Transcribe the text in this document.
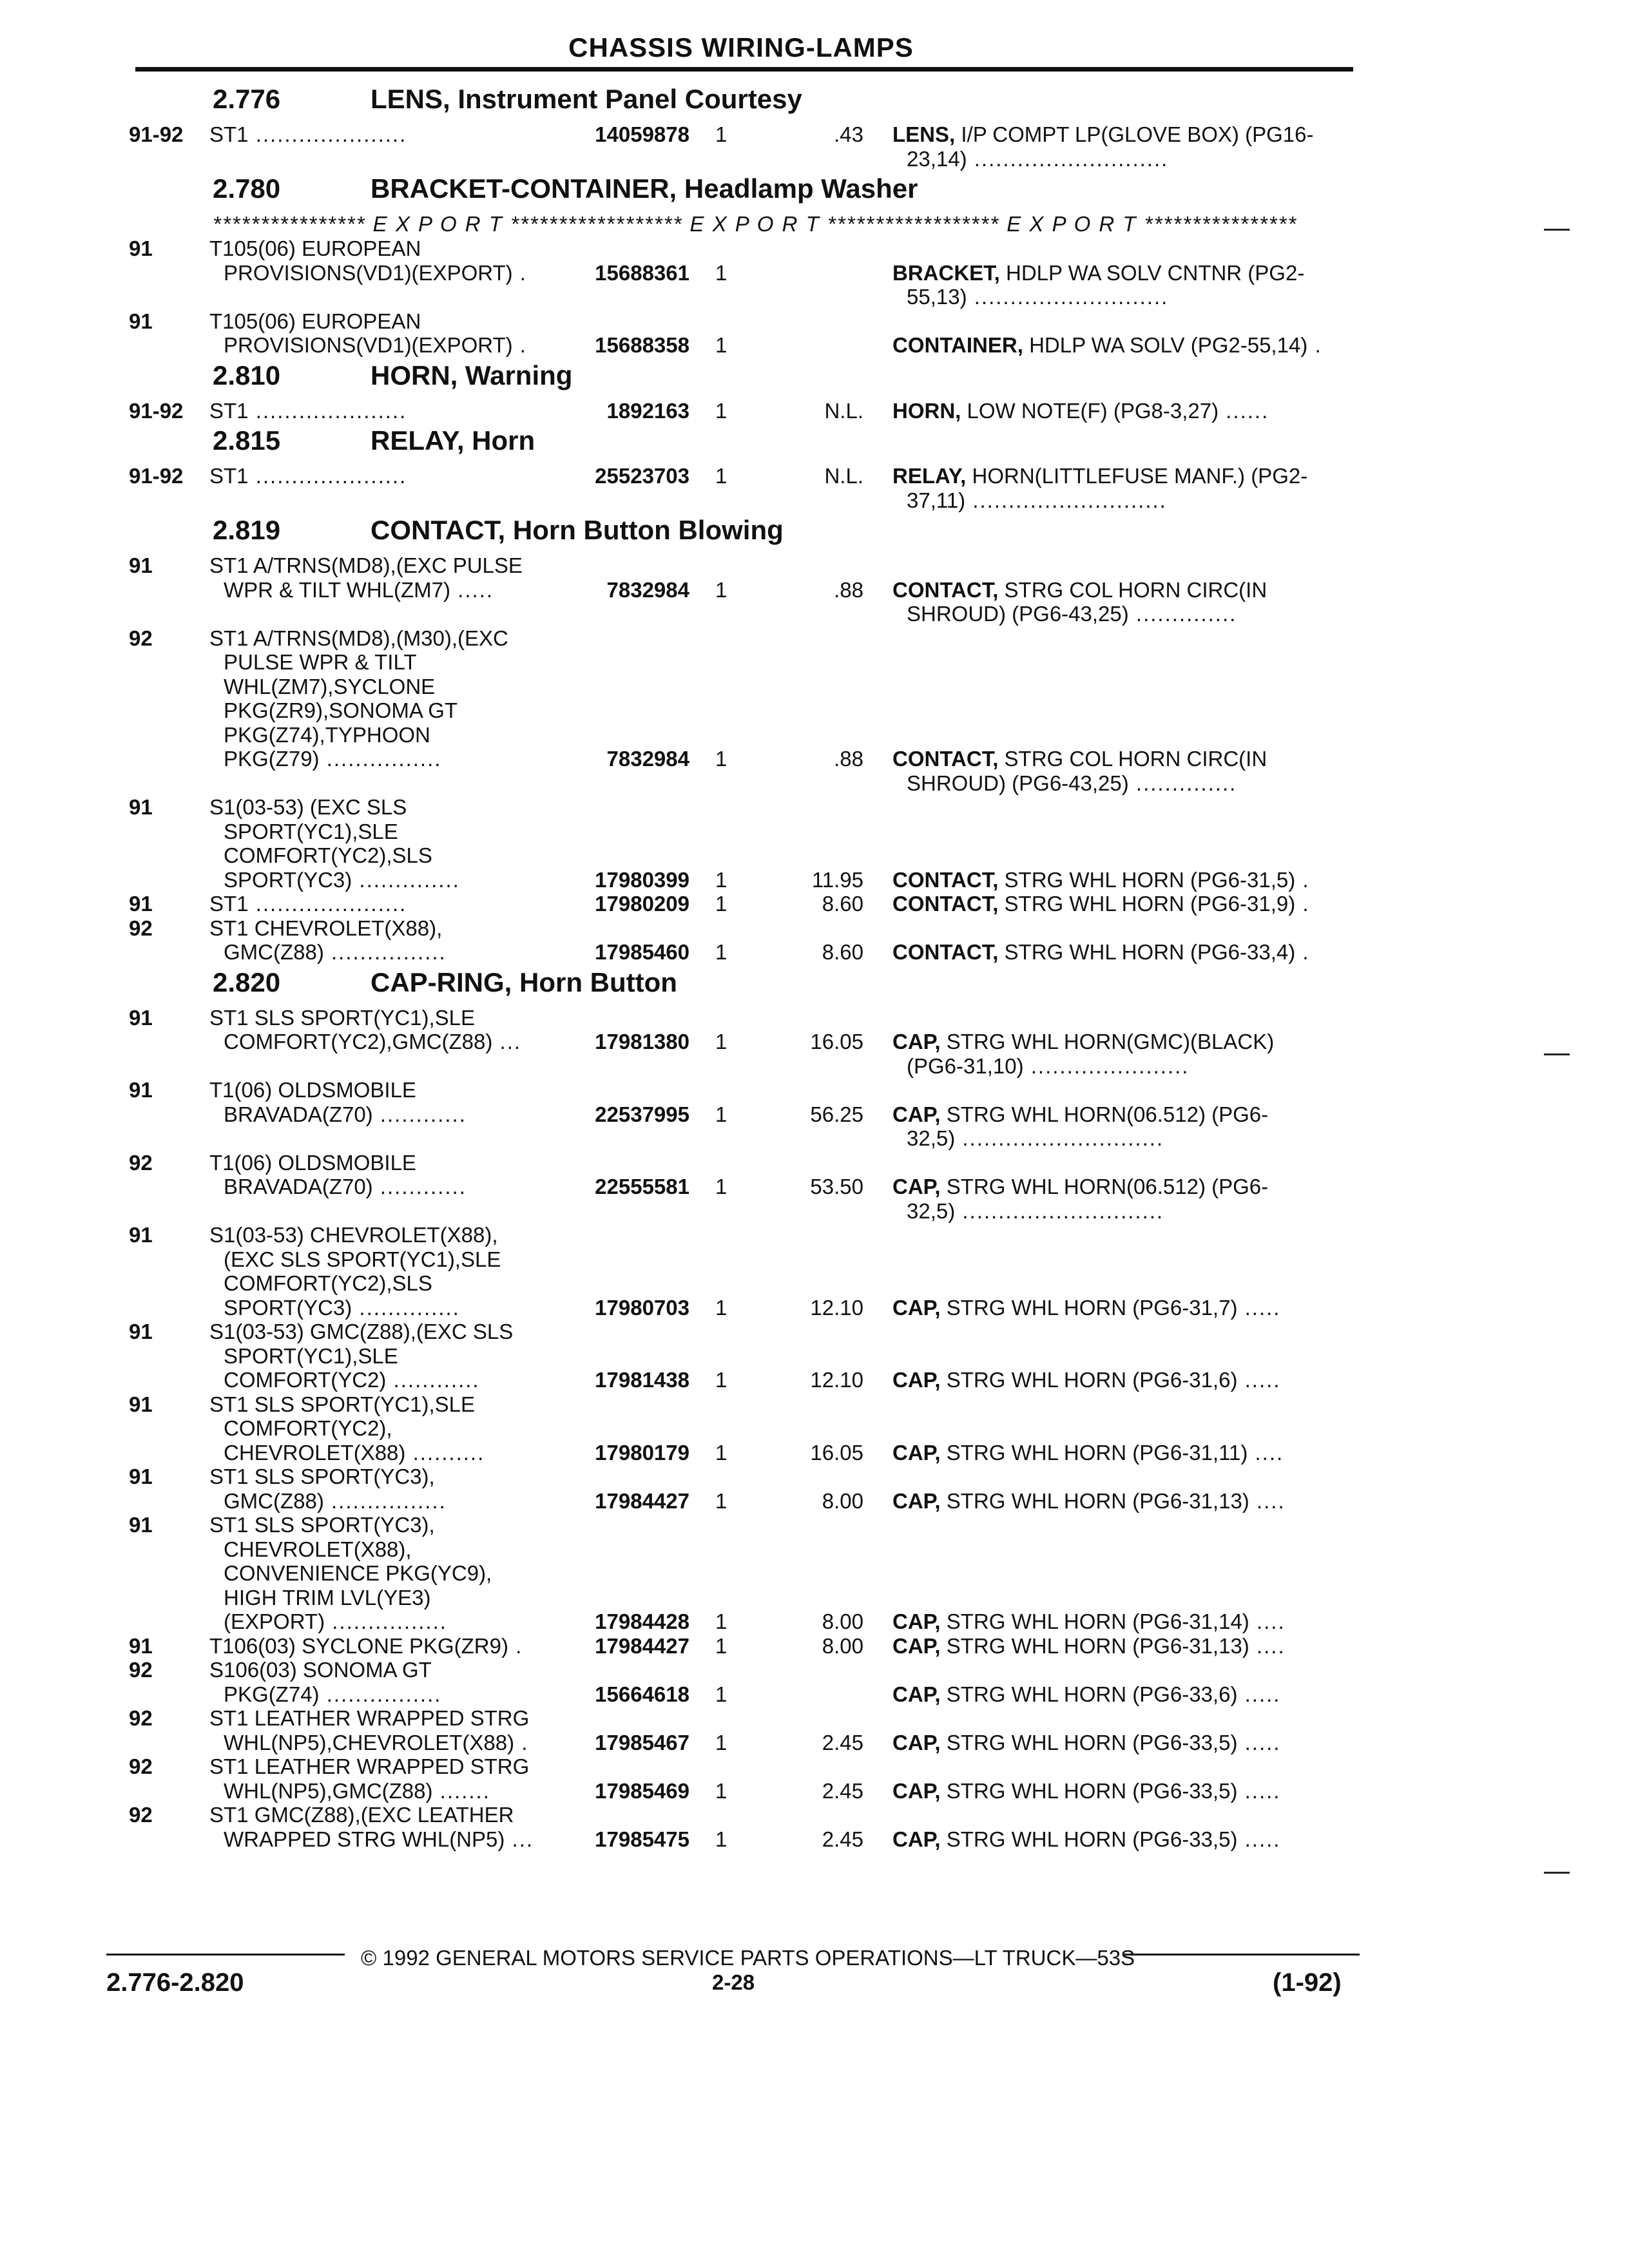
CHASSIS WIRING-LAMPS
2.776	LENS, Instrument Panel Courtesy
91-92 ST1 .....................	14059878 1	.43 LENS, I/P COMPT LP(GLOVE BOX) (PG16-
23,14) ...........................
2.780	BRACKET-CONTAINER, Headlamp Washer
**************** E X P O R T ****************** E X P O R T ****************** E X P O R T ****************
91	T105(06) EUROPEAN
PROVISIONS(VD1)(EXPORT) .	15688361 1	BRACKET, HDLP WA SOLV CNTNR (PG2-
55,13) ...........................
91	T105(06) EUROPEAN
PROVISIONS(VD1)(EXPORT) .	15688358 1	CONTAINER, HDLP WA SOLV (PG2-55,14) .
2.810	HORN, Warning
91-92 ST1 .....................	1892163 1	N.L. HORN, LOW NOTE(F) (PG8-3,27) ......
2.815	RELAY, Horn
91-92 ST1 .....................	25523703 1	N.L. RELAY, HORN(LITTLEFUSE MANF.) (PG2-
37,11) ...........................
2.819	CONTACT, Horn Button Blowing
91	ST1 A/TRNS(MD8),(EXC PULSE
WPR & TILT WHL(ZM7) .....	7832984 1	.88 CONTACT, STRG COL HORN CIRC(IN
SHROUD) (PG6-43,25) ..............
92	ST1 A/TRNS(MD8),(M30),(EXC
PULSE WPR & TILT
WHL(ZM7),SYCLONE
PKG(ZR9),SONOMA GT
PKG(Z74),TYPHOON
PKG(Z79) ................	7832984 1	.88 CONTACT, STRG COL HORN CIRC(IN
SHROUD) (PG6-43,25) ..............
91	S1(03-53) (EXC SLS
SPORT(YC1),SLE
COMFORT(YC2),SLS
SPORT(YC3) ..............	17980399 1	11.95 CONTACT, STRG WHL HORN (PG6-31,5) .
91	ST1 .....................	17980209 1	8.60 CONTACT, STRG WHL HORN (PG6-31,9) .
92	ST1 CHEVROLET(X88),
GMC(Z88) ................	17985460 1	8.60 CONTACT, STRG WHL HORN (PG6-33,4) .
2.820	CAP-RING, Horn Button
91	ST1 SLS SPORT(YC1),SLE
COMFORT(YC2),GMC(Z88) ...	17981380 1	16.05 CAP, STRG WHL HORN(GMC)(BLACK)
(PG6-31,10) ......................
91	T1(06) OLDSMOBILE
BRAVADA(Z70) ............	22537995 1	56.25 CAP, STRG WHL HORN(06.512) (PG6-
32,5) ............................
92	T1(06) OLDSMOBILE
BRAVADA(Z70) ............	22555581 1	53.50 CAP, STRG WHL HORN(06.512) (PG6-
32,5) ............................
91	S1(03-53) CHEVROLET(X88),
(EXC SLS SPORT(YC1),SLE
COMFORT(YC2),SLS
SPORT(YC3) ..............	17980703 1	12.10 CAP, STRG WHL HORN (PG6-31,7) .....
91	S1(03-53) GMC(Z88),(EXC SLS
SPORT(YC1),SLE
COMFORT(YC2) ............	17981438 1	12.10 CAP, STRG WHL HORN (PG6-31,6) .....
91	ST1 SLS SPORT(YC1),SLE
COMFORT(YC2),
CHEVROLET(X88) ..........	17980179 1	16.05 CAP, STRG WHL HORN (PG6-31,11) ....
91	ST1 SLS SPORT(YC3),
GMC(Z88) ................	17984427 1	8.00 CAP, STRG WHL HORN (PG6-31,13) ....
91	ST1 SLS SPORT(YC3),
CHEVROLET(X88),
CONVENIENCE PKG(YC9),
HIGH TRIM LVL(YE3)
(EXPORT) ................	17984428 1	8.00 CAP, STRG WHL HORN (PG6-31,14) ....
91	T106(03) SYCLONE PKG(ZR9) .	17984427 1	8.00 CAP, STRG WHL HORN (PG6-31,13) ....
92	S106(03) SONOMA GT
PKG(Z74) ................	15664618 1	CAP, STRG WHL HORN (PG6-33,6) .....
92	ST1 LEATHER WRAPPED STRG
WHL(NP5),CHEVROLET(X88) .	17985467 1	2.45 CAP, STRG WHL HORN (PG6-33,5) .....
92	ST1 LEATHER WRAPPED STRG
WHL(NP5),GMC(Z88) .......	17985469 1	2.45 CAP, STRG WHL HORN (PG6-33,5) .....
92	ST1 GMC(Z88),(EXC LEATHER
WRAPPED STRG WHL(NP5) ...	17985475 1	2.45 CAP, STRG WHL HORN (PG6-33,5) .....
© 1992 GENERAL MOTORS SERVICE PARTS OPERATIONS—LT TRUCK—53S
2.776-2.820	2-28	(1-92)
